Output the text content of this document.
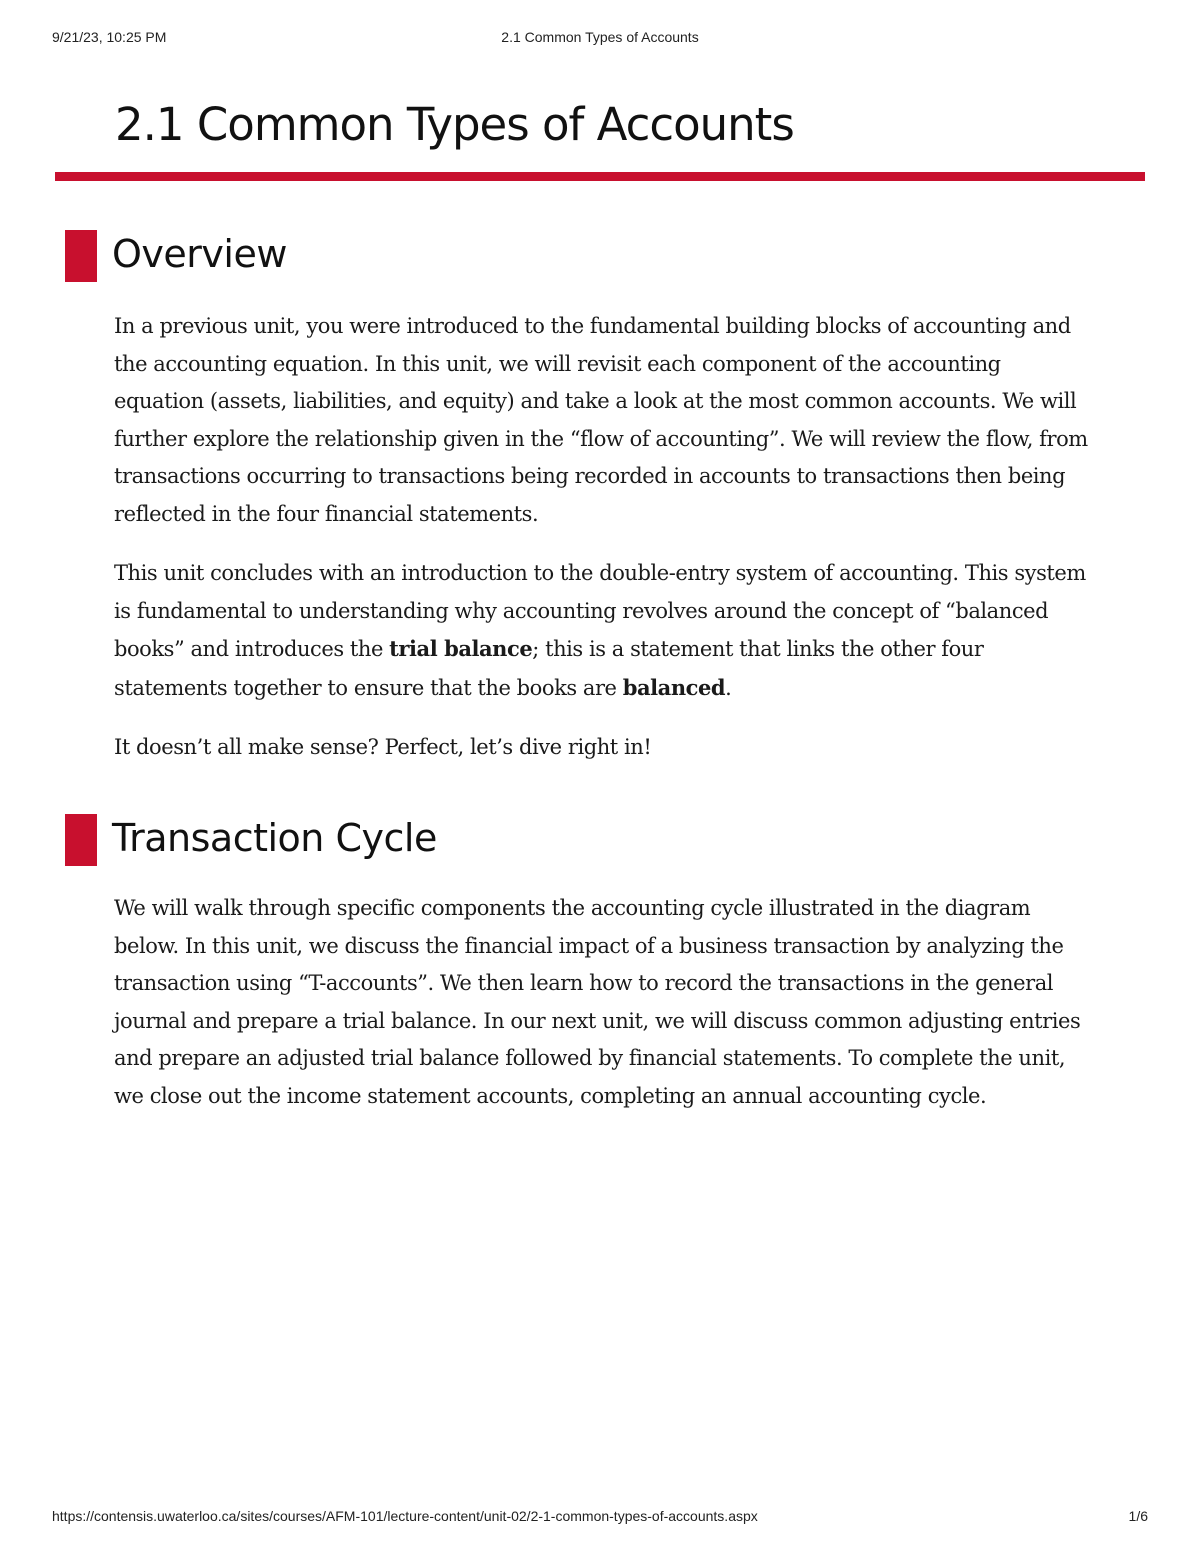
2.1 Common Types of Accounts
9/21/23, 10:25 PM
2.1 Common Types of Accounts
Overview

In a previous unit, you were introduced to the fundamental building blocks of accounting and the accounting equation. In this unit, we will revisit each component of the accounting equation (assets, liabilities, and equity) and take a look at the most common accounts. We will further explore the relationship given in the “flow of accounting”. We will review the flow, from transactions occurring to transactions being recorded in accounts to transactions then being reflected in the four financial statements.

This unit concludes with an introduction to the double-entry system of accounting. This system is fundamental to understanding why accounting revolves around the concept of “balanced books” and introduces the trial balance; this is a statement that links the other four statements together to ensure that the books are balanced.

It doesn’t all make sense? Perfect, let’s dive right in!

Transaction Cycle

We will walk through specific components the accounting cycle illustrated in the diagram below. In this unit, we discuss the financial impact of a business transaction by analyzing the transaction using “T-accounts”. We then learn how to record the transactions in the general journal and prepare a trial balance. In our next unit, we will discuss common adjusting entries and prepare an adjusted trial balance followed by financial statements. To complete the unit, we close out the income statement accounts, completing an annual accounting cycle.

https://contensis.uwaterloo.ca/sites/courses/AFM-101/lecture-content/unit-02/2-1-common-types-of-accounts.aspx	1/6
